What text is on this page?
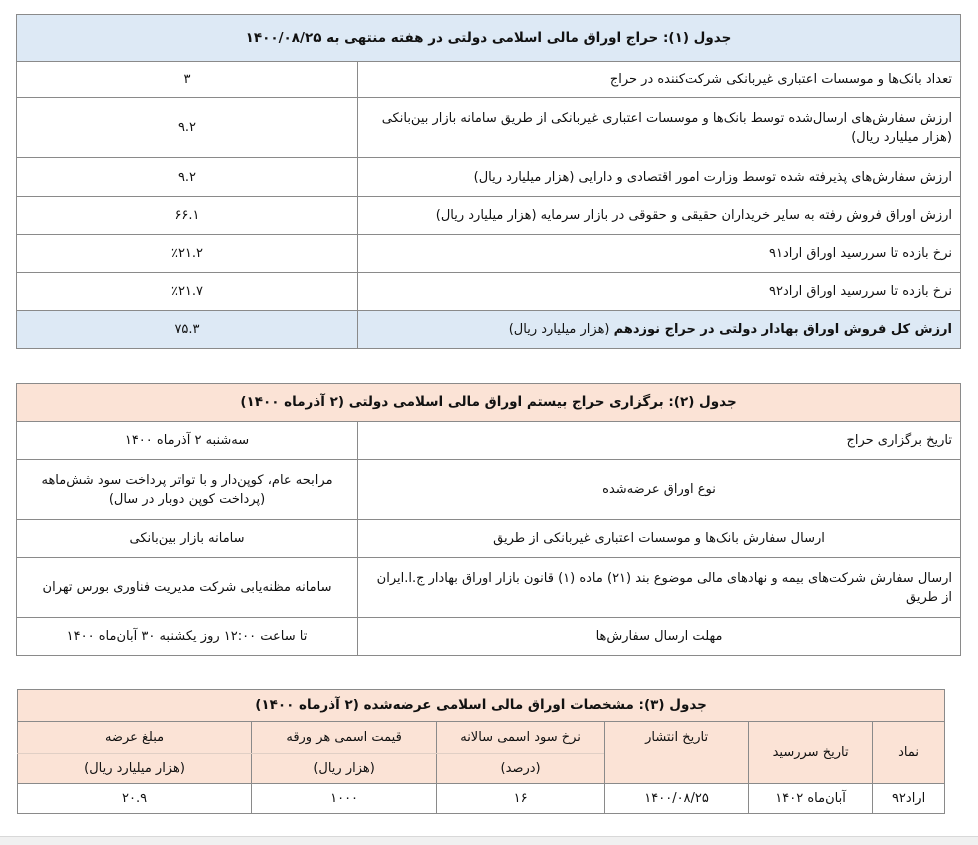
جدول (۱): حراج اوراق مالی اسلامی دولتی در هفته منتهی به ۱۴۰۰/۰۸/۲۵	
تعداد بانک‌ها و موسسات اعتباری غیربانکی شرکت‌کننده در حراج	۳
ارزش سفارش‌های ارسال‌شده توسط بانک‌ها و موسسات اعتباری غیربانکی از طریق سامانه بازار بین‌بانکی (هزار میلیارد ریال)	۹.۲
ارزش سفارش‌های پذیرفته شده توسط وزارت امور اقتصادی و دارایی (هزار میلیارد ریال)	۹.۲
ارزش اوراق فروش رفته به سایر خریداران حقیقی و حقوقی در بازار سرمایه (هزار میلیارد ریال)	۶۶.۱
نرخ بازده تا سررسید اوراق اراد۹۱	٪۲۱.۲
نرخ بازده تا سررسید اوراق اراد۹۲	٪۲۱.۷
ارزش کل فروش اوراق بهادار دولتی در حراج نوزدهم (هزار میلیارد ریال)	۷۵.۳
جدول (۲): برگزاری حراج بیستم اوراق مالی اسلامی دولتی (۲ آذرماه ۱۴۰۰)	
تاریخ برگزاری حراج	سه‌شنبه ۲ آذرماه ۱۴۰۰
نوع اوراق عرضه‌شده	مرابحه عام، کوپن‌دار و با تواتر پرداخت سود شش‌ماهه (پرداخت کوپن دوبار در سال)
ارسال سفارش بانک‌ها و موسسات اعتباری غیربانکی از طریق	سامانه بازار بین‌بانکی
ارسال سفارش شرکت‌های بیمه و نهادهای مالی موضوع بند (۲۱) ماده (۱) قانون بازار اوراق بهادار ج.ا.ایران از طریق	سامانه مظنه‌یابی شرکت مدیریت فناوری بورس تهران
مهلت ارسال سفارش‌ها	تا ساعت ۱۲:۰۰ روز یکشنبه ۳۰ آبان‌ماه ۱۴۰۰
جدول (۳): مشخصات اوراق مالی اسلامی عرضه‌شده (۲ آذرماه ۱۴۰۰)					
نماد	تاریخ سررسید	تاریخ انتشار	نرخ سود اسمی سالانه	قیمت اسمی هر ورقه	مبلغ عرضه
			(درصد)	(هزار ریال)	(هزار میلیارد ریال)
اراد۹۲	آبان‌ماه ۱۴۰۲	۱۴۰۰/۰۸/۲۵	۱۶	۱۰۰۰	۲۰.۹
